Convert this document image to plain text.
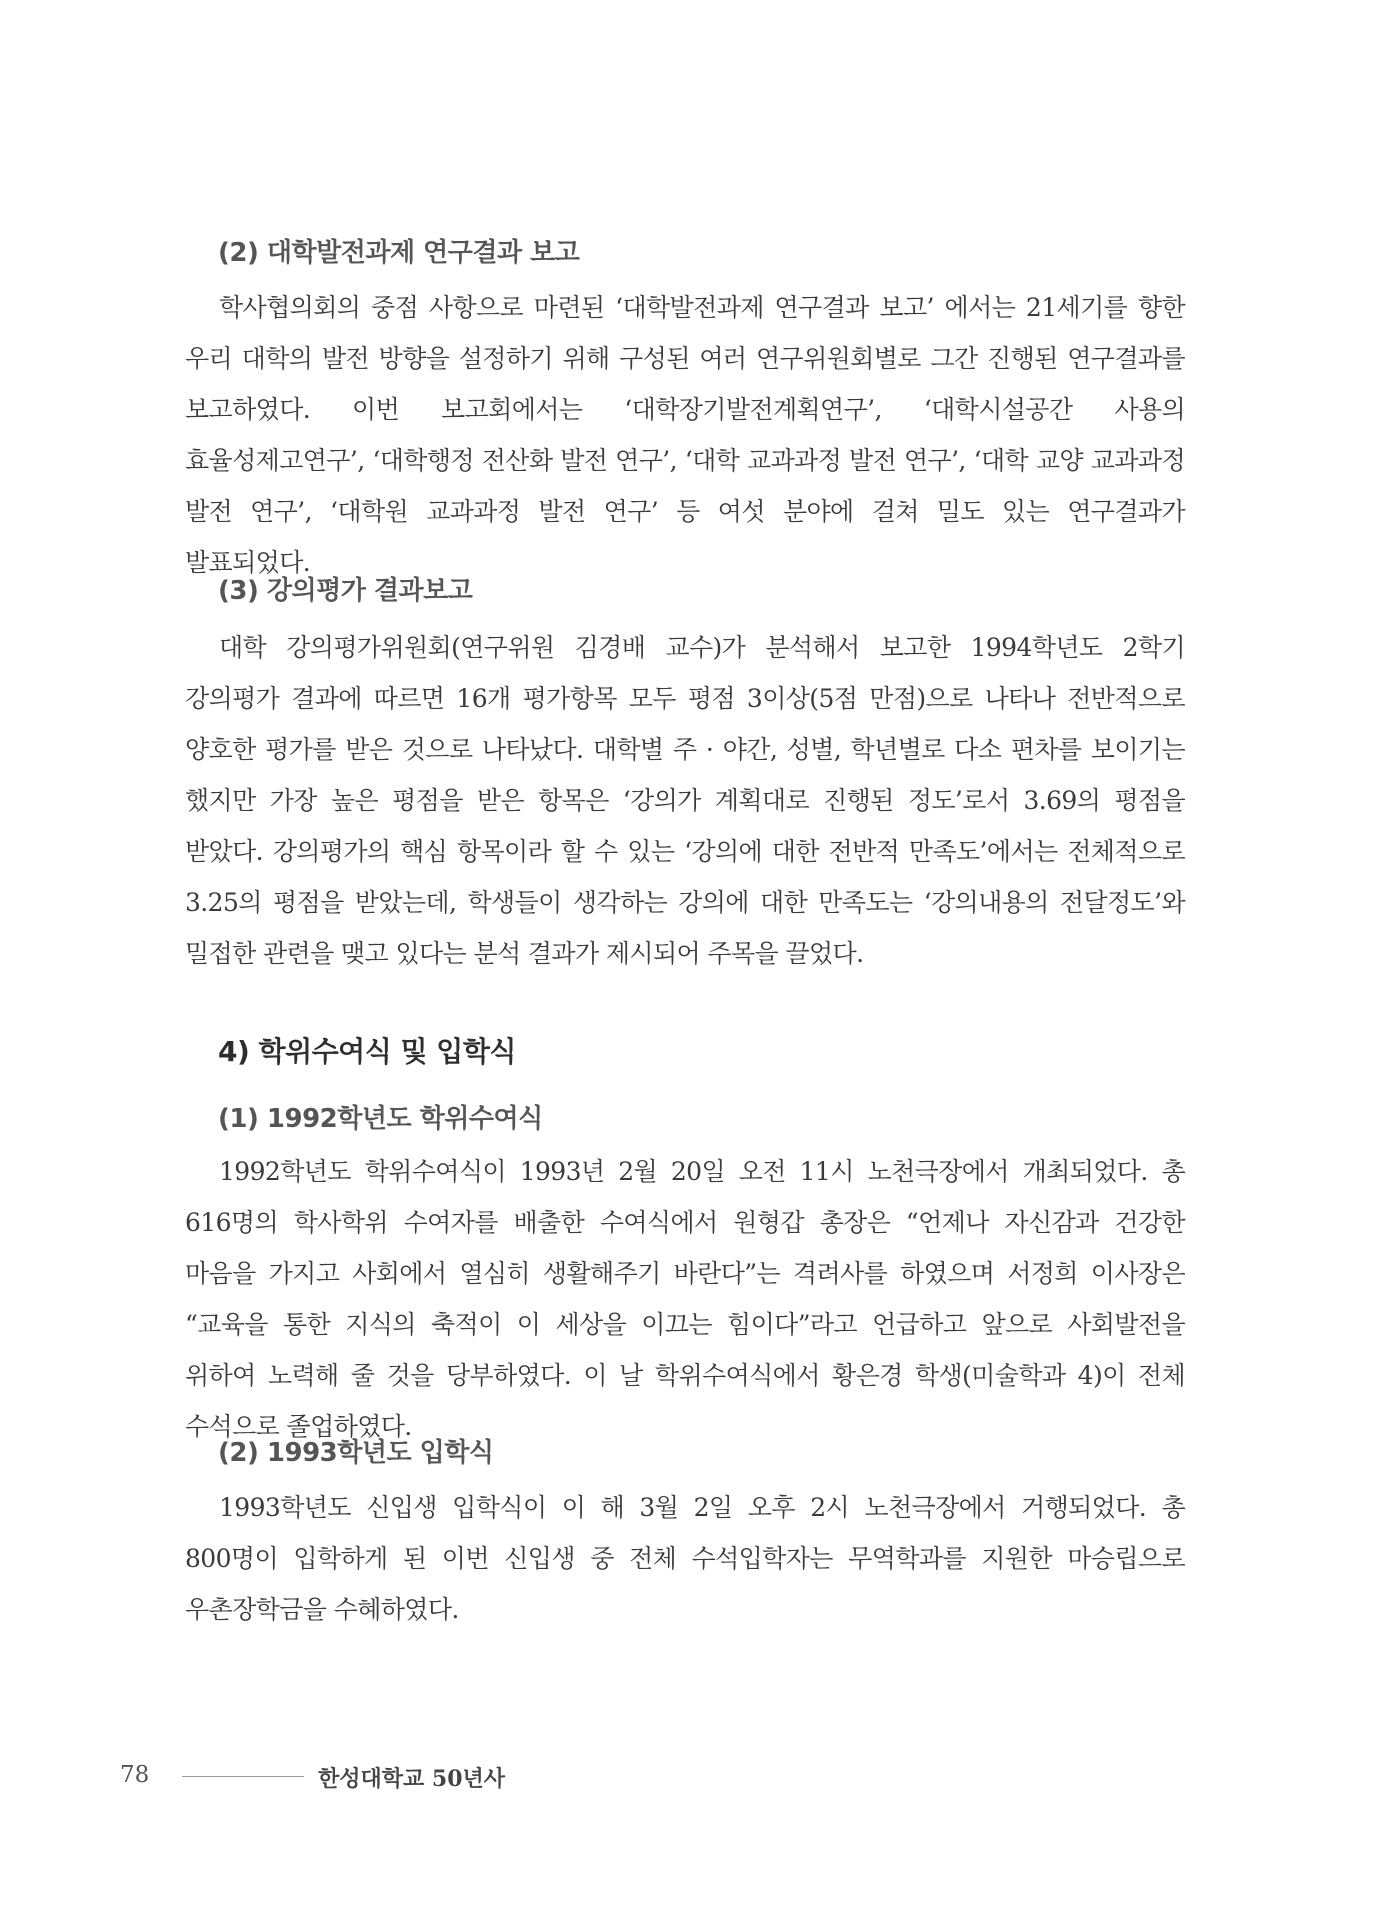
(2) 대학발전과제 연구결과 보고

학사협의회의 중점 사항으로 마련된 ‘대학발전과제 연구결과 보고’ 에서는 21세기를 향한 우리 대학의 발전 방향을 설정하기 위해 구성된 여러 연구위원회별로 그간 진행된 연구결과를 보고하였다. 이번 보고회에서는 ‘대학장기발전계획연구’, ‘대학시설공간 사용의 효율성제고연구’, ‘대학행정 전산화 발전 연구’, ‘대학 교과과정 발전 연구’, ‘대학 교양 교과과정 발전 연구’, ‘대학원 교과과정 발전 연구’ 등 여섯 분야에 걸쳐 밀도 있는 연구결과가 발표되었다.

(3) 강의평가 결과보고

대학 강의평가위원회(연구위원 김경배 교수)가 분석해서 보고한 1994학년도 2학기 강의평가 결과에 따르면 16개 평가항목 모두 평점 3이상(5점 만점)으로 나타나 전반적으로 양호한 평가를 받은 것으로 나타났다. 대학별 주 · 야간, 성별, 학년별로 다소 편차를 보이기는 했지만 가장 높은 평점을 받은 항목은 ‘강의가 계획대로 진행된 정도’로서 3.69의 평점을 받았다. 강의평가의 핵심 항목이라 할 수 있는 ‘강의에 대한 전반적 만족도’에서는 전체적으로 3.25의 평점을 받았는데, 학생들이 생각하는 강의에 대한 만족도는 ‘강의내용의 전달정도’와 밀접한 관련을 맺고 있다는 분석 결과가 제시되어 주목을 끌었다.

4) 학위수여식 및 입학식
(1) 1992학년도 학위수여식

1992학년도 학위수여식이 1993년 2월 20일 오전 11시 노천극장에서 개최되었다. 총 616명의 학사학위 수여자를 배출한 수여식에서 원형갑 총장은 “언제나 자신감과 건강한 마음을 가지고 사회에서 열심히 생활해주기 바란다”는 격려사를 하였으며 서정희 이사장은 “교육을 통한 지식의 축적이 이 세상을 이끄는 힘이다”라고 언급하고 앞으로 사회발전을 위하여 노력해 줄 것을 당부하였다. 이 날 학위수여식에서 황은경 학생(미술학과 4)이 전체 수석으로 졸업하였다.

(2) 1993학년도 입학식

1993학년도 신입생 입학식이 이 해 3월 2일 오후 2시 노천극장에서 거행되었다. 총 800명이 입학하게 된 이번 신입생 중 전체 수석입학자는 무역학과를 지원한 마승립으로 우촌장학금을 수혜하였다.

78	한성대학교 50년사
